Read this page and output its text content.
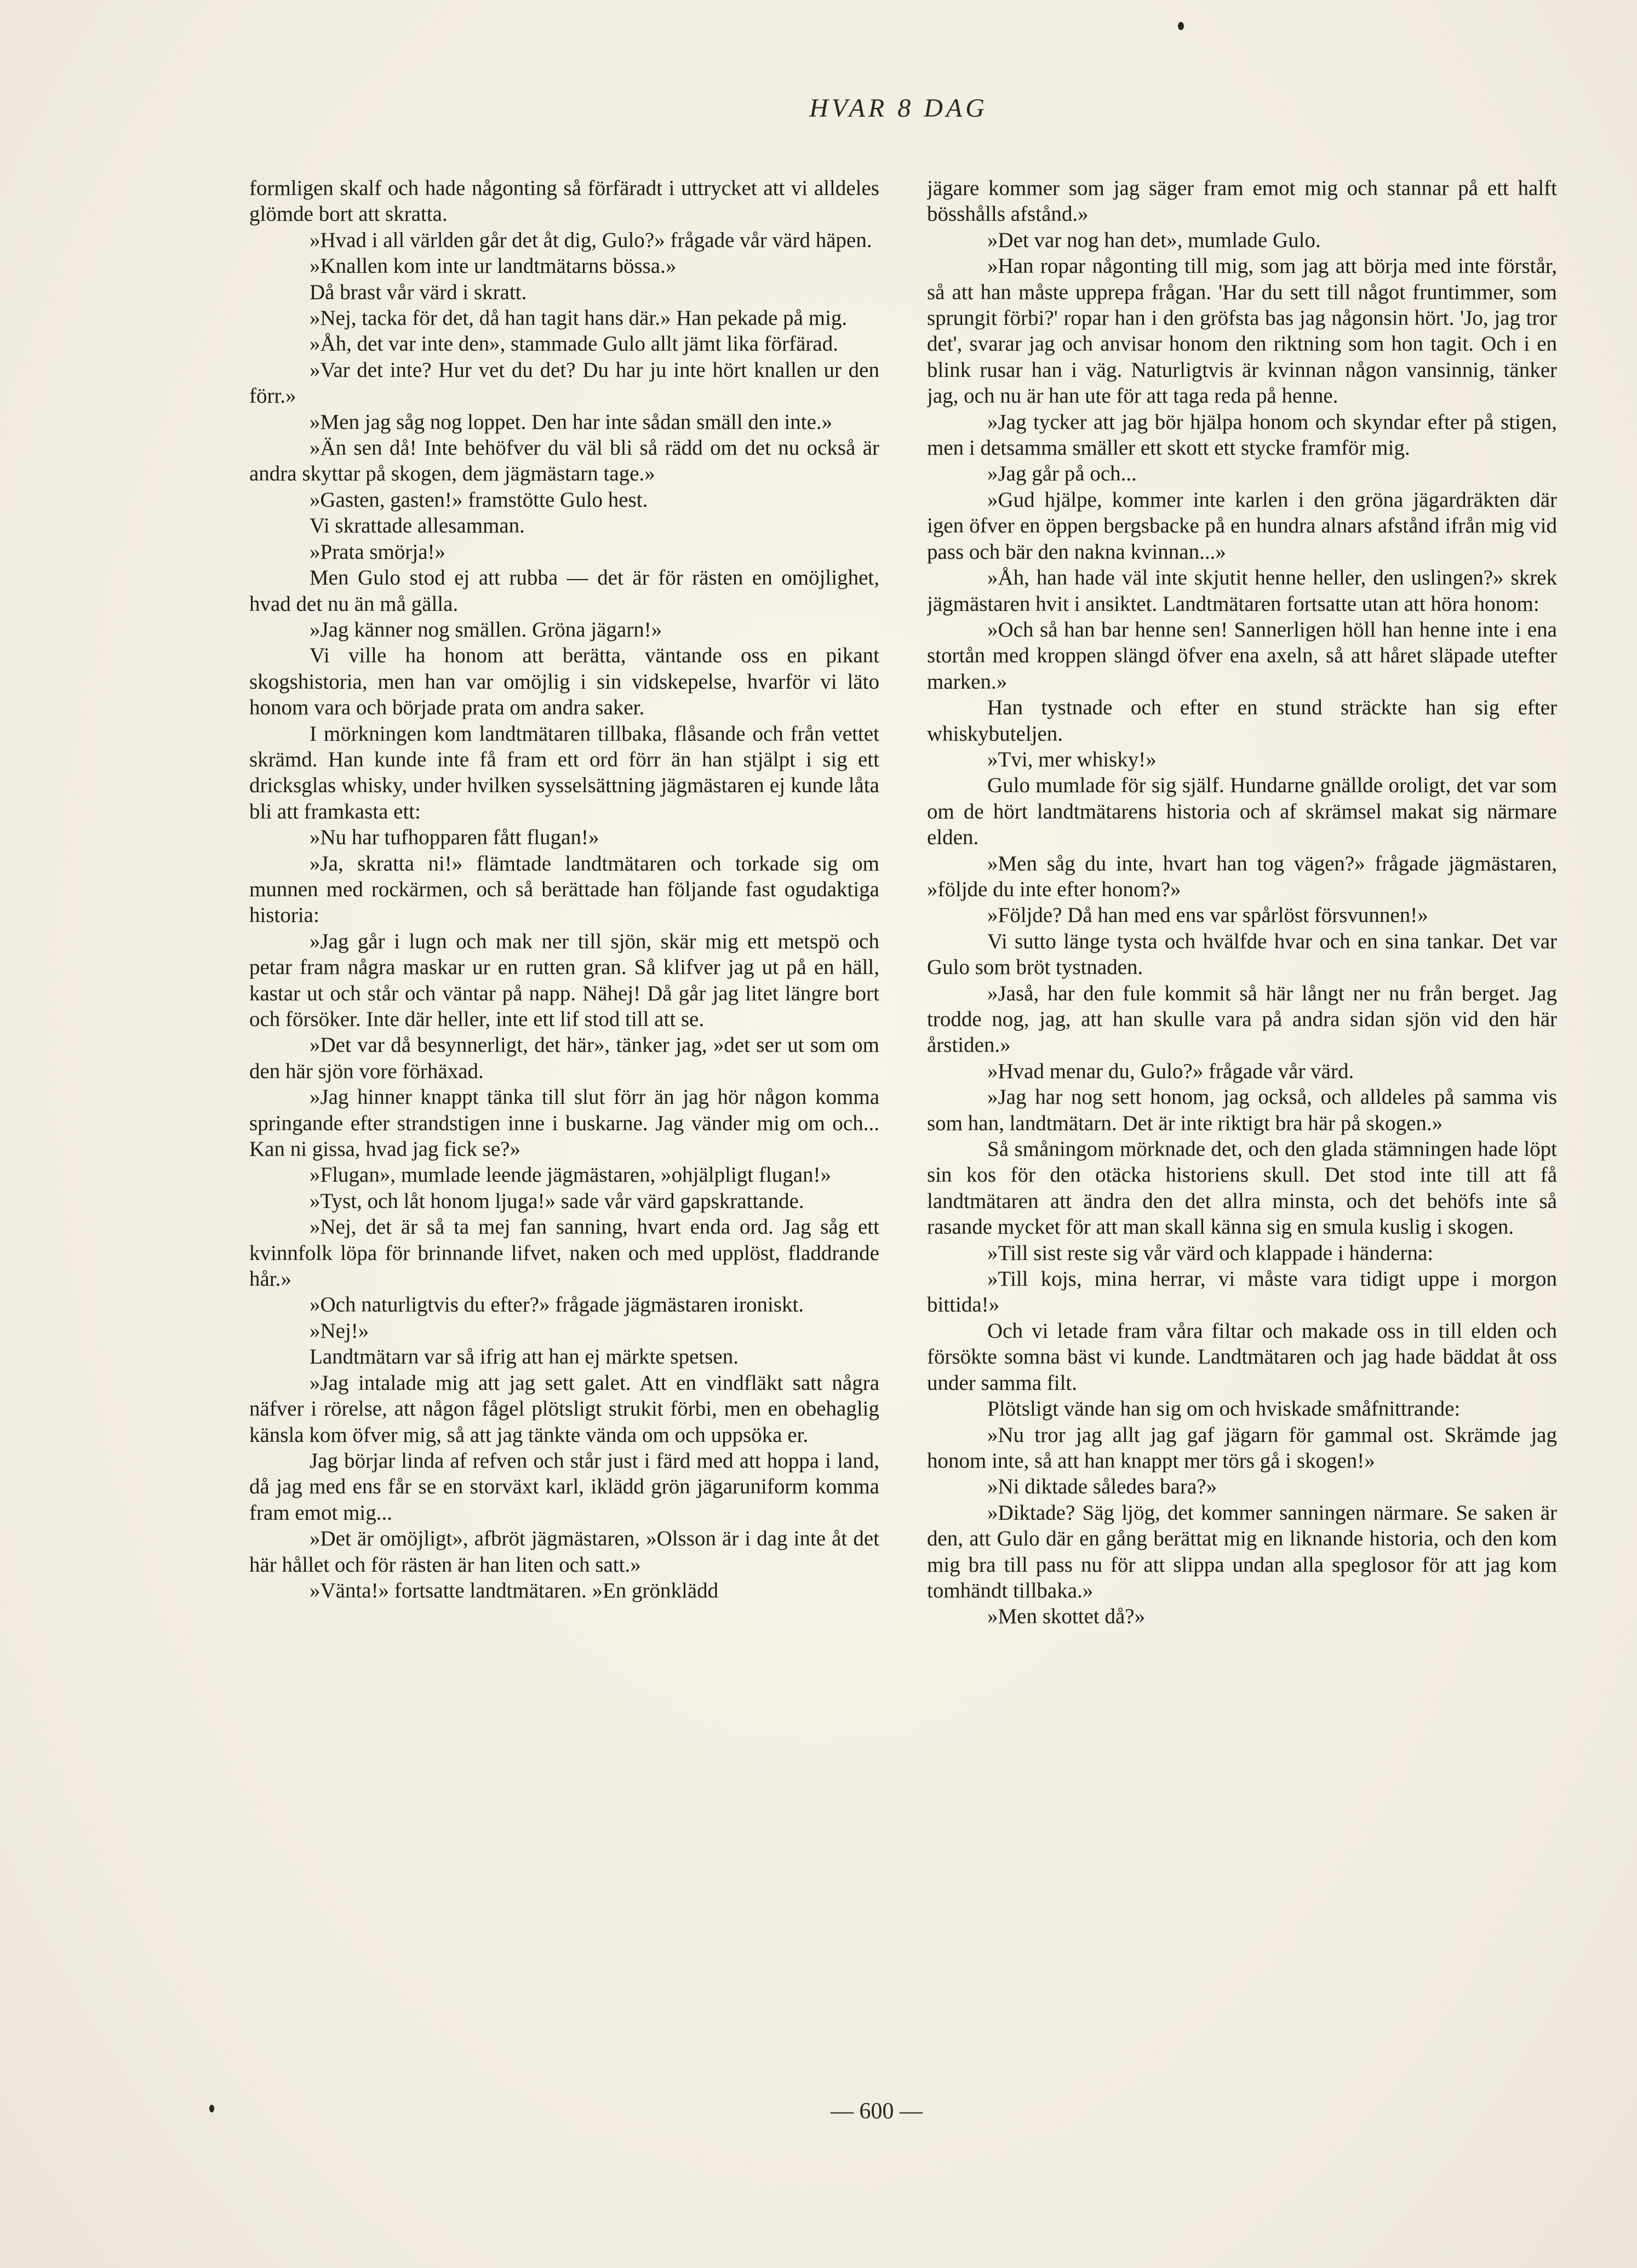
HVAR 8 DAG

formligen skalf och hade någonting så förfäradt i uttrycket att vi alldeles glömde bort att skratta.

»Hvad i all världen går det åt dig, Gulo?» frågade vår värd häpen.

»Knallen kom inte ur landtmätarns bössa.»

Då brast vår värd i skratt.

»Nej, tacka för det, då han tagit hans där.» Han pekade på mig.

»Åh, det var inte den», stammade Gulo allt jämt lika förfärad.

»Var det inte? Hur vet du det? Du har ju inte hört knallen ur den förr.»

»Men jag såg nog loppet. Den har inte sådan smäll den inte.»

»Än sen då! Inte behöfver du väl bli så rädd om det nu också är andra skyttar på skogen, dem jägmästarn tage.»

»Gasten, gasten!» framstötte Gulo hest.

Vi skrattade allesamman.

»Prata smörja!»

Men Gulo stod ej att rubba — det är för rästen en omöjlighet, hvad det nu än må gälla.

»Jag känner nog smällen. Gröna jägarn!»

Vi ville ha honom att berätta, väntande oss en pikant skogshistoria, men han var omöjlig i sin vidskepelse, hvarför vi läto honom vara och började prata om andra saker.

I mörkningen kom landtmätaren tillbaka, flåsande och från vettet skrämd. Han kunde inte få fram ett ord förr än han stjälpt i sig ett dricksglas whisky, under hvilken sysselsättning jägmästaren ej kunde låta bli att framkasta ett:

»Nu har tufhopparen fått flugan!»

»Ja, skratta ni!» flämtade landtmätaren och torkade sig om munnen med rockärmen, och så berättade han följande fast ogudaktiga historia:

»Jag går i lugn och mak ner till sjön, skär mig ett metspö och petar fram några maskar ur en rutten gran. Så klifver jag ut på en häll, kastar ut och står och väntar på napp. Nähej! Då går jag litet längre bort och försöker. Inte där heller, inte ett lif stod till att se.

»Det var då besynnerligt, det här», tänker jag, »det ser ut som om den här sjön vore förhäxad.

»Jag hinner knappt tänka till slut förr än jag hör någon komma springande efter strandstigen inne i buskarne. Jag vänder mig om och... Kan ni gissa, hvad jag fick se?»

»Flugan», mumlade leende jägmästaren, »ohjälpligt flugan!»

»Tyst, och låt honom ljuga!» sade vår värd gapskrattande.

»Nej, det är så ta mej fan sanning, hvart enda ord. Jag såg ett kvinnfolk löpa för brinnande lifvet, naken och med upplöst, fladdrande hår.»

»Och naturligtvis du efter?» frågade jägmästaren ironiskt.

»Nej!»

Landtmätarn var så ifrig att han ej märkte spetsen.

»Jag intalade mig att jag sett galet. Att en vindfläkt satt några näfver i rörelse, att någon fågel plötsligt strukit förbi, men en obehaglig känsla kom öfver mig, så att jag tänkte vända om och uppsöka er.

Jag börjar linda af refven och står just i färd med att hoppa i land, då jag med ens får se en storväxt karl, iklädd grön jägaruniform komma fram emot mig...

»Det är omöjligt», afbröt jägmästaren, »Olsson är i dag inte åt det här hållet och för rästen är han liten och satt.»

»Vänta!» fortsatte landtmätaren. »En grönklädd

jägare kommer som jag säger fram emot mig och stannar på ett halft bösshålls afstånd.»

»Det var nog han det», mumlade Gulo.

»Han ropar någonting till mig, som jag att börja med inte förstår, så att han måste upprepa frågan. 'Har du sett till något fruntimmer, som sprungit förbi?' ropar han i den gröfsta bas jag någonsin hört. 'Jo, jag tror det', svarar jag och anvisar honom den riktning som hon tagit. Och i en blink rusar han i väg. Naturligtvis är kvinnan någon vansinnig, tänker jag, och nu är han ute för att taga reda på henne.

»Jag tycker att jag bör hjälpa honom och skyndar efter på stigen, men i detsamma smäller ett skott ett stycke framför mig.

»Jag går på och...

»Gud hjälpe, kommer inte karlen i den gröna jägardräkten där igen öfver en öppen bergsbacke på en hundra alnars afstånd ifrån mig vid pass och bär den nakna kvinnan...»

»Åh, han hade väl inte skjutit henne heller, den uslingen?» skrek jägmästaren hvit i ansiktet. Landtmätaren fortsatte utan att höra honom:

»Och så han bar henne sen! Sannerligen höll han henne inte i ena stortån med kroppen slängd öfver ena axeln, så att håret släpade utefter marken.»

Han tystnade och efter en stund sträckte han sig efter whiskybuteljen.

»Tvi, mer whisky!»

Gulo mumlade för sig själf. Hundarne gnällde oroligt, det var som om de hört landtmätarens historia och af skrämsel makat sig närmare elden.

»Men såg du inte, hvart han tog vägen?» frågade jägmästaren, »följde du inte efter honom?»

»Följde? Då han med ens var spårlöst försvunnen!»

Vi sutto länge tysta och hvälfde hvar och en sina tankar. Det var Gulo som bröt tystnaden.

»Jaså, har den fule kommit så här långt ner nu från berget. Jag trodde nog, jag, att han skulle vara på andra sidan sjön vid den här årstiden.»

»Hvad menar du, Gulo?» frågade vår värd.

»Jag har nog sett honom, jag också, och alldeles på samma vis som han, landtmätarn. Det är inte riktigt bra här på skogen.»

Så småningom mörknade det, och den glada stämningen hade löpt sin kos för den otäcka historiens skull. Det stod inte till att få landtmätaren att ändra den det allra minsta, och det behöfs inte så rasande mycket för att man skall känna sig en smula kuslig i skogen.

»Till sist reste sig vår värd och klappade i händerna:

»Till kojs, mina herrar, vi måste vara tidigt uppe i morgon bittida!»

Och vi letade fram våra filtar och makade oss in till elden och försökte somna bäst vi kunde. Landtmätaren och jag hade bäddat åt oss under samma filt.

Plötsligt vände han sig om och hviskade småfnittrande:

»Nu tror jag allt jag gaf jägarn för gammal ost. Skrämde jag honom inte, så att han knappt mer törs gå i skogen!»

»Ni diktade således bara?»

»Diktade? Säg ljög, det kommer sanningen närmare. Se saken är den, att Gulo där en gång berättat mig en liknande historia, och den kom mig bra till pass nu för att slippa undan alla speglosor för att jag kom tomhändt tillbaka.»

»Men skottet då?»

— 600 —
